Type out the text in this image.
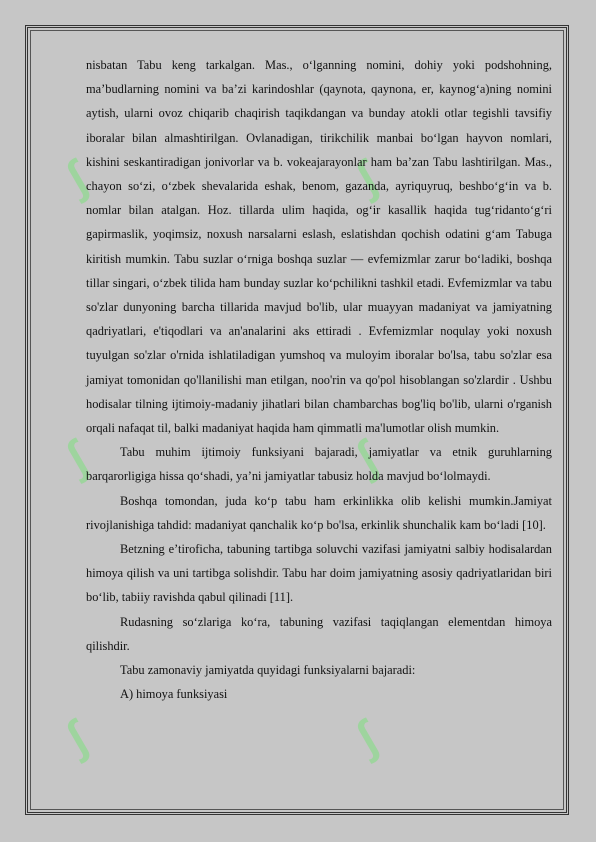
∫	∫
∫	∫
∫	∫

nisbatan Tabu keng tarkalgan. Mas., o‘lganning nomini, dohiy yoki podshohning, ma’budlarning nomini va ba’zi karindoshlar (qaynota, qaynona, er, kaynog‘a)ning nomini aytish, ularni ovoz chiqarib chaqirish taqikdangan va bunday atokli otlar tegishli tavsifiy iboralar bilan almashtirilgan. Ovlanadigan, tirikchilik manbai bo‘lgan hayvon nomlari, kishini seskantiradigan jonivorlar va b. vokeajarayonlar ham ba’zan Tabu lashtirilgan. Mas., chayon so‘zi, o‘zbek shevalarida eshak, benom, gazanda, ayriquyruq, beshbo‘g‘in va b. nomlar bilan atalgan. Hoz. tillarda ulim haqida, og‘ir kasallik haqida tug‘ridanto‘g‘ri gapirmaslik, yoqimsiz, noxush narsalarni eslash, eslatishdan qochish odatini g‘am Tabuga kiritish mumkin. Tabu suzlar o‘rniga boshqa suzlar — evfemizmlar zarur bo‘ladiki, boshqa tillar singari, o‘zbek tilida ham bunday suzlar ko‘pchilikni tashkil etadi. Evfemizmlar va tabu so'zlar dunyoning barcha tillarida mavjud bo'lib, ular muayyan madaniyat va jamiyatning qadriyatlari, e'tiqodlari va an'analarini aks ettiradi . Evfemizmlar noqulay yoki noxush tuyulgan so'zlar o'rnida ishlatiladigan yumshoq va muloyim iboralar bo'lsa, tabu so'zlar esa jamiyat tomonidan qo'llanilishi man etilgan, noo'rin va qo'pol hisoblangan so'zlardir . Ushbu hodisalar tilning ijtimoiy-madaniy jihatlari bilan chambarchas bog'liq bo'lib, ularni o'rganish orqali nafaqat til, balki madaniyat haqida ham qimmatli ma'lumotlar olish mumkin.

Tabu muhim ijtimoiy funksiyani bajaradi, jamiyatlar va etnik guruhlarning barqarorligiga hissa qo‘shadi, ya’ni jamiyatlar tabusiz holda mavjud bo‘lolmaydi.

Boshqa tomondan, juda ko‘p tabu ham erkinlikka olib kelishi mumkin.Jamiyat rivojlanishiga tahdid: madaniyat qanchalik ko‘p bo'lsa, erkinlik shunchalik kam bo‘ladi [10].

Betzning e’tiroficha, tabuning tartibga soluvchi vazifasi jamiyatni salbiy hodisalardan himoya qilish va uni tartibga solishdir. Tabu har doim jamiyatning asosiy qadriyatlaridan biri bo‘lib, tabiiy ravishda qabul qilinadi [11].

Rudasning so‘zlariga ko‘ra, tabuning vazifasi taqiqlangan elementdan himoya qilishdir.

Tabu zamonaviy jamiyatda quyidagi funksiyalarni bajaradi:

A) himoya funksiyasi
